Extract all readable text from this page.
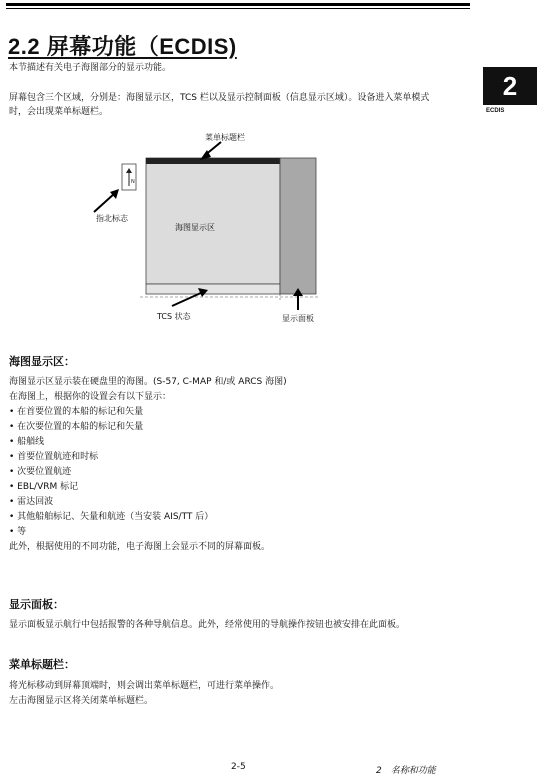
2.2 屏幕功能（ECDIS)
2
ECDIS
本节描述有关电子海图部分的显示功能。
屏幕包含三个区域，分别是：海图显示区，TCS 栏以及显示控制面板（信息显示区域）。设备进入菜单模式
时，会出现菜单标题栏。
N
菜单标题栏
指北标志
海图显示区
TCS 状态	显示面板
海图显示区：
海图显示区显示装在硬盘里的海图。(S-57, C-MAP 和/或 ARCS 海图)
在海图上，根据你的设置会有以下显示：
• 在首要位置的本船的标记和矢量
• 在次要位置的本船的标记和矢量
• 船艏线
• 首要位置航迹和时标
• 次要位置航迹
• EBL/VRM 标记
• 雷达回波
• 其他船舶标记、矢量和航迹（当安装 AIS/TT 后）
• 等
此外，根据使用的不同功能，电子海图上会显示不同的屏幕面板。
显示面板：
显示面板显示航行中包括报警的各种导航信息。此外，经常使用的导航操作按钮也被安排在此面板。
菜单标题栏：
将光标移动到屏幕顶端时，则会调出菜单标题栏，可进行菜单操作。
左击海图显示区将关闭菜单标题栏。
2-5	2　名称和功能
